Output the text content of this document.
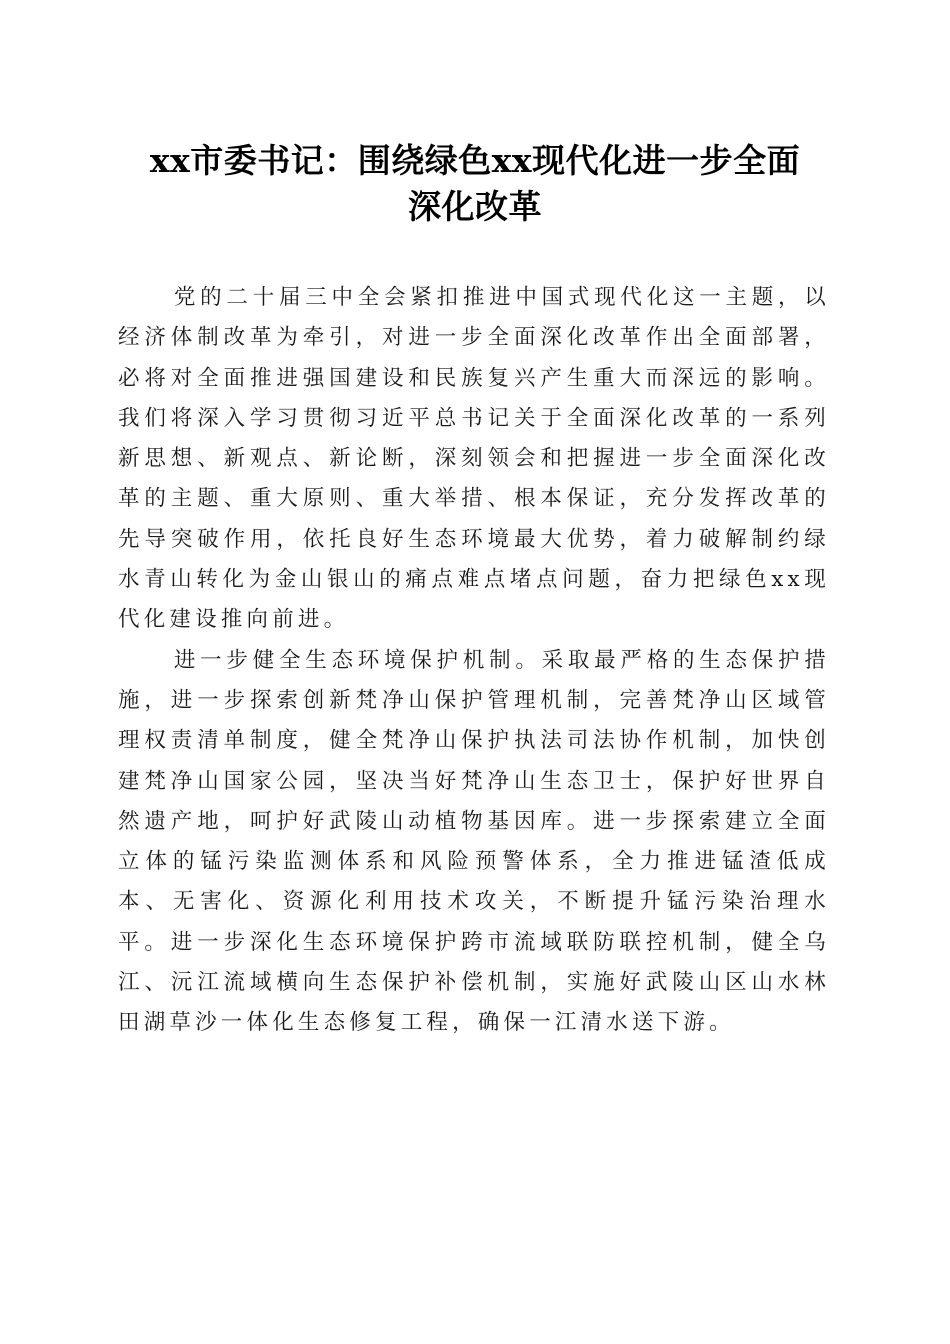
xx市委书记：围绕绿色xx现代化进一步全面
深化改革

党的二十届三中全会紧扣推进中国式现代化这一主题，以经济体制改革为牵引，对进一步全面深化改革作出全面部署，必将对全面推进强国建设和民族复兴产生重大而深远的影响。我们将深入学习贯彻习近平总书记关于全面深化改革的一系列新思想、新观点、新论断，深刻领会和把握进一步全面深化改革的主题、重大原则、重大举措、根本保证，充分发挥改革的先导突破作用，依托良好生态环境最大优势，着力破解制约绿水青山转化为金山银山的痛点难点堵点问题，奋力把绿色xx现代化建设推向前进。

进一步健全生态环境保护机制。采取最严格的生态保护措施，进一步探索创新梵净山保护管理机制，完善梵净山区域管理权责清单制度，健全梵净山保护执法司法协作机制，加快创建梵净山国家公园，坚决当好梵净山生态卫士，保护好世界自然遗产地，呵护好武陵山动植物基因库。进一步探索建立全面立体的锰污染监测体系和风险预警体系，全力推进锰渣低成本、无害化、资源化利用技术攻关，不断提升锰污染治理水平。进一步深化生态环境保护跨市流域联防联控机制，健全乌江、沅江流域横向生态保护补偿机制，实施好武陵山区山水林田湖草沙一体化生态修复工程，确保一江清水送下游。
